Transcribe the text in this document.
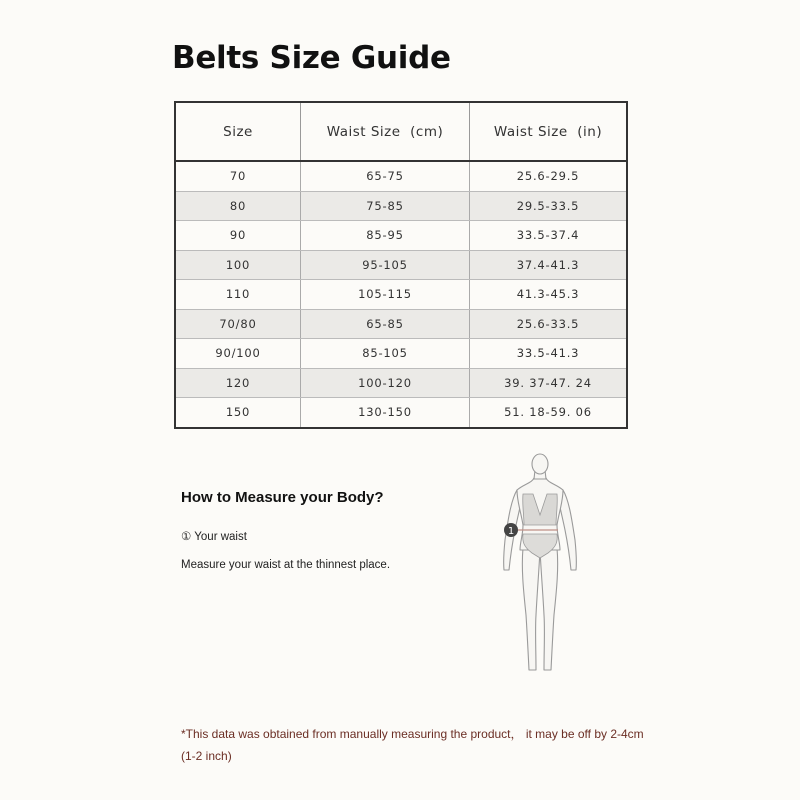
Belts Size Guide
Size	Waist Size  (cm)	Waist Size  (in)
70	65-75	25.6-29.5
80	75-85	29.5-33.5
90	85-95	33.5-37.4
100	95-105	37.4-41.3
110	105-115	41.3-45.3
70/80	65-85	25.6-33.5
90/100	85-105	33.5-41.3
120	100-120	39. 37-47. 24
150	130-150	51. 18-59. 06
How to Measure your Body?
① Your waist
Measure your waist at the thinnest place.
1
*This data was obtained from manually measuring the product， it may be off by 2-4cm (1-2 inch)
